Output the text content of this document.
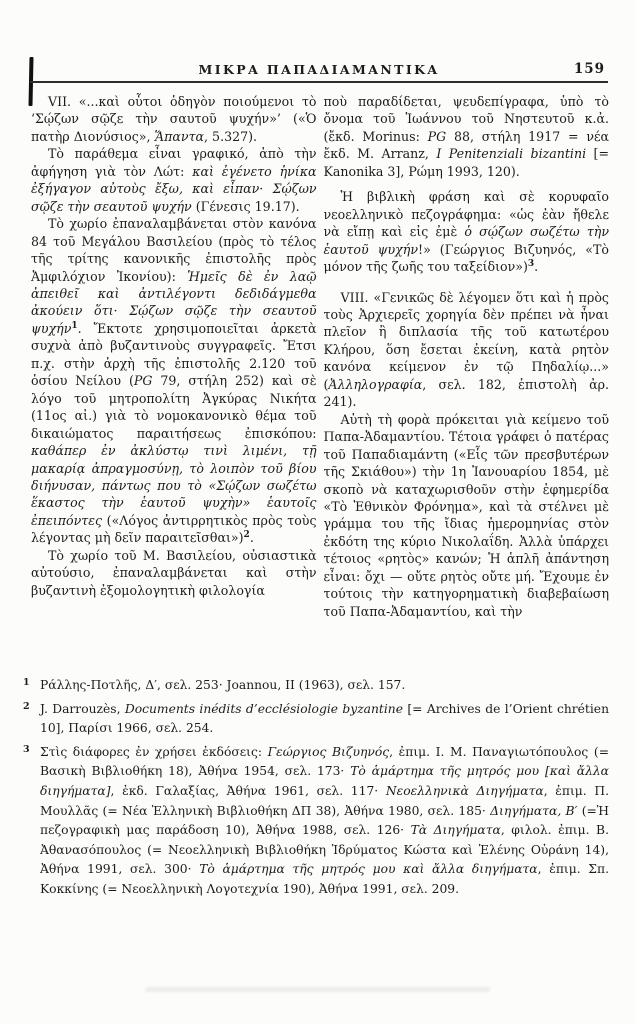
ΜΙΚΡΑ ΠΑΠΑΔΙΑΜΑΝΤΙΚΑ	159

VII. «...καὶ οὗτοι ὁδηγὸν ποιούμενοι τὸ ‘Σῴζων σῷζε τὴν σαυτοῦ ψυχήν»’ («Ὁ πατὴρ Διονύσιος», Ἅπαντα, 5.327).

Τὸ παράθεμα εἶναι γραφικό, ἀπὸ τὴν ἀφήγηση γιὰ τὸν Λώτ: καὶ ἐγένετο ἡνίκα ἐξήγαγον αὐτοὺς ἔξω, καὶ εἶπαν· Σῴζων σῷζε τὴν σεαυτοῦ ψυχήν (Γένεσις 19.17).

Τὸ χωρίο ἐπαναλαμβάνεται στὸν κανόνα 84 τοῦ Μεγάλου Βασιλείου (πρὸς τὸ τέλος τῆς τρίτης κανονικῆς ἐπιστολῆς πρὸς Ἀμφιλόχιον Ἰκονίου): Ἡμεῖς δὲ ἐν λαῷ ἀπειθεῖ καὶ ἀντιλέγοντι δεδιδάγμεθα ἀκούειν ὅτι· Σῴζων σῷζε τὴν σεαυτοῦ ψυχήν$^1$. Ἔκτοτε χρησιμοποιεῖται ἀρκετὰ συχνὰ ἀπὸ βυζαντινοὺς συγγραφεῖς. Ἔτσι π.χ. στὴν ἀρχὴ τῆς ἐπιστολῆς 2.120 τοῦ ὁσίου Νείλου (PG 79, στήλη 252) καὶ σὲ λόγο τοῦ μητροπολίτη Ἀγκύρας Νικήτα (11ος αἰ.) γιὰ τὸ νομοκανονικὸ θέμα τοῦ δικαιώματος παραιτήσεως ἐπισκόπου: καθάπερ ἐν ἀκλύστῳ τινὶ λιμένι, τῇ μακαρίᾳ ἀπραγμοσύνῃ, τὸ λοιπὸν τοῦ βίου διήνυσαν, πάντως που τὸ «Σῴζων σωζέτω ἕκαστος τὴν ἑαυτοῦ ψυχὴν» ἑαυτοῖς ἐπειπόντες («Λόγος ἀντιρρητικὸς πρὸς τοὺς λέγοντας μὴ δεῖν παραιτεῖσθαι»)$^2$.

Τὸ χωρίο τοῦ Μ. Βασιλείου, οὐσιαστικὰ αὐτούσιο, ἐπαναλαμβάνεται καὶ στὴν βυζαντινὴ ἐξομολογητικὴ φιλολογία

ποὺ παραδίδεται, ψευδεπίγραφα, ὑπὸ τὸ ὄνομα τοῦ Ἰωάννου τοῦ Νηστευτοῦ κ.ἀ. (ἔκδ. Morinus: PG 88, στήλη 1917 = νέα ἔκδ. M. Arranz, I Penitenziali bizantini [= Kanonika 3], Ρώμη 1993, 120).

Ἡ βιβλικὴ φράση καὶ σὲ κορυφαῖο νεοελληνικὸ πεζογράφημα: «ὡς ἐὰν ἤθελε νὰ εἴπῃ καὶ εἰς ἐμὲ ὁ σῴζων σωζέτω τὴν ἑαυτοῦ ψυχήν!» (Γεώργιος Βιζυηνός, «Τὸ μόνον τῆς ζωῆς του ταξείδιον»)$^3$.

VIII. «Γενικῶς δὲ λέγομεν ὅτι καὶ ἡ πρὸς τοὺς Ἀρχιερεῖς χορηγία δὲν πρέπει νὰ ἦναι πλεῖον ἢ διπλασία τῆς τοῦ κατωτέρου Κλήρου, ὅση ἔσεται ἐκείνη, κατὰ ρητὸν κανόνα κείμενον ἐν τῷ Πηδαλίῳ...» (Ἀλληλογραφία, σελ. 182, ἐπιστολὴ ἀρ. 241).

Αὐτὴ τὴ φορὰ πρόκειται γιὰ κείμενο τοῦ Παπα-Ἀδαμαντίου. Τέτοια γράφει ὁ πατέρας τοῦ Παπαδιαμάντη («Εἷς τῶν πρεσβυτέρων τῆς Σκιάθου») τὴν 1η Ἰανουαρίου 1854, μὲ σκοπὸ νὰ καταχωρισθοῦν στὴν ἐφημερίδα «Τὸ Ἐθνικὸν Φρόνημα», καὶ τὰ στέλνει μὲ γράμμα του τῆς ἴδιας ἡμερομηνίας στὸν ἐκδότη της κύριο Νικολαΐδη. Ἀλλὰ ὑπάρχει τέτοιος «ρητὸς» κανών; Ἡ ἁπλῆ ἀπάντηση εἶναι: ὄχι — οὔτε ρητὸς οὔτε μή. Ἔχουμε ἐν τούτοις τὴν κατηγορηματικὴ διαβεβαίωση τοῦ Παπα-Ἀδαμαντίου, καὶ τὴν

1 Ράλλης-Ποτλῆς, Δ′, σελ. 253· Joannou, II (1963), σελ. 157.
2 J. Darrouzès, Documents inédits d’ecclésiologie byzantine [= Archives de l’Orient chrétien 10], Παρίσι 1966, σελ. 254.
3 Στὶς διάφορες ἐν χρήσει ἐκδόσεις: Γεώργιος Βιζυηνός, ἐπιμ. Ι. Μ. Παναγιωτόπουλος (= Βασικὴ Βιβλιοθήκη 18), Ἀθήνα 1954, σελ. 173· Τὸ ἁμάρτημα τῆς μητρός μου [καὶ ἄλλα διηγήματα], ἐκδ. Γαλαξίας, Ἀθήνα 1961, σελ. 117· Νεοελληνικὰ Διηγήματα, ἐπιμ. Π. Μουλλᾶς (= Νέα Ἑλληνικὴ Βιβλιοθήκη ΔΠ 38), Ἀθήνα 1980, σελ. 185· Διηγήματα, Β′ (=Ἡ πεζογραφικὴ μας παράδοση 10), Ἀθήνα 1988, σελ. 126· Τὰ Διηγήματα, φιλολ. ἐπιμ. Β. Ἀθανασόπουλος (= Νεοελληνικὴ Βιβλιοθήκη Ἱδρύματος Κώστα καὶ Ἑλένης Οὐράνη 14), Ἀθήνα 1991, σελ. 300· Τὸ ἁμάρτημα τῆς μητρός μου καὶ ἄλλα διηγήματα, ἐπιμ. Σπ. Κοκκίνης (= Νεοελληνικὴ Λογοτεχνία 190), Ἀθήνα 1991, σελ. 209.
